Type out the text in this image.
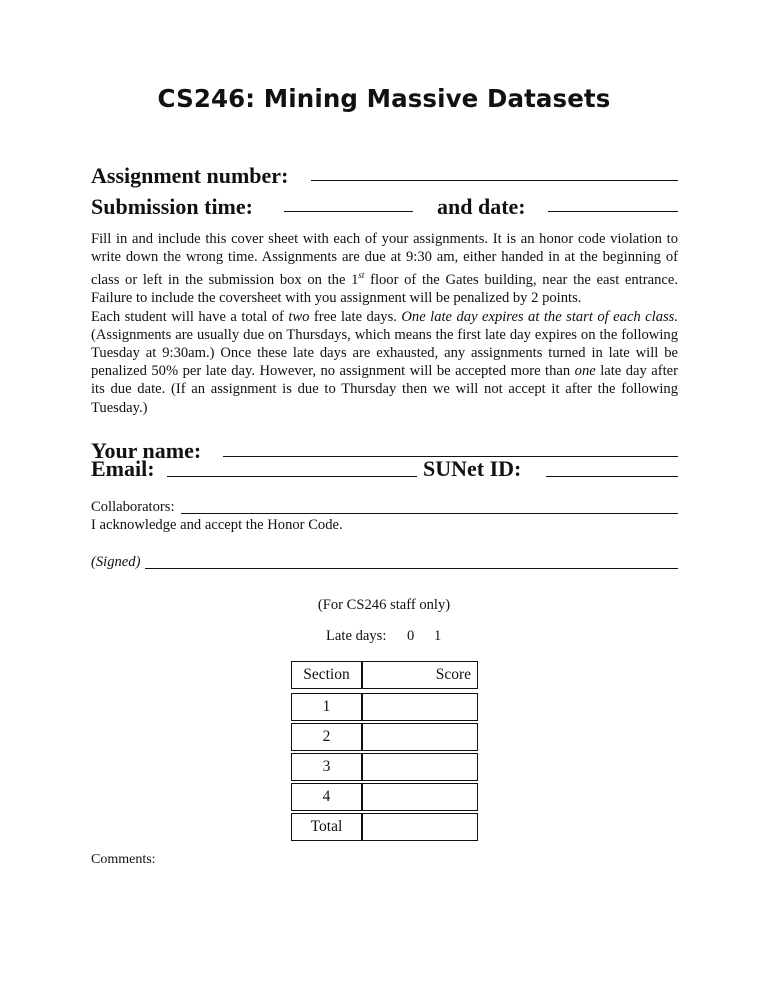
CS246: Mining Massive Datasets
Assignment number:
Submission time:	and date:
Fill in and include this cover sheet with each of your assignments. It is an honor code violation to write down the wrong time. Assignments are due at 9:30 am, either handed in at the beginning of class or left in the submission box on the 1st floor of the Gates building, near the east entrance. Failure to include the coversheet with you assignment will be penalized by 2 points.
Each student will have a total of two free late days. One late day expires at the start of each class. (Assignments are usually due on Thursdays, which means the first late day expires on the following Tuesday at 9:30am.) Once these late days are exhausted, any assignments turned in late will be penalized 50% per late day. However, no assignment will be accepted more than one late day after its due date. (If an assignment is due to Thursday then we will not accept it after the following Tuesday.)
Your name:
Email:	SUNet ID:
Collaborators:
I acknowledge and accept the Honor Code.
(Signed)
(For CS246 staff only)
Late days: 0 1
Section	Score

1	
2	
3	
4	
Total	
Comments:
